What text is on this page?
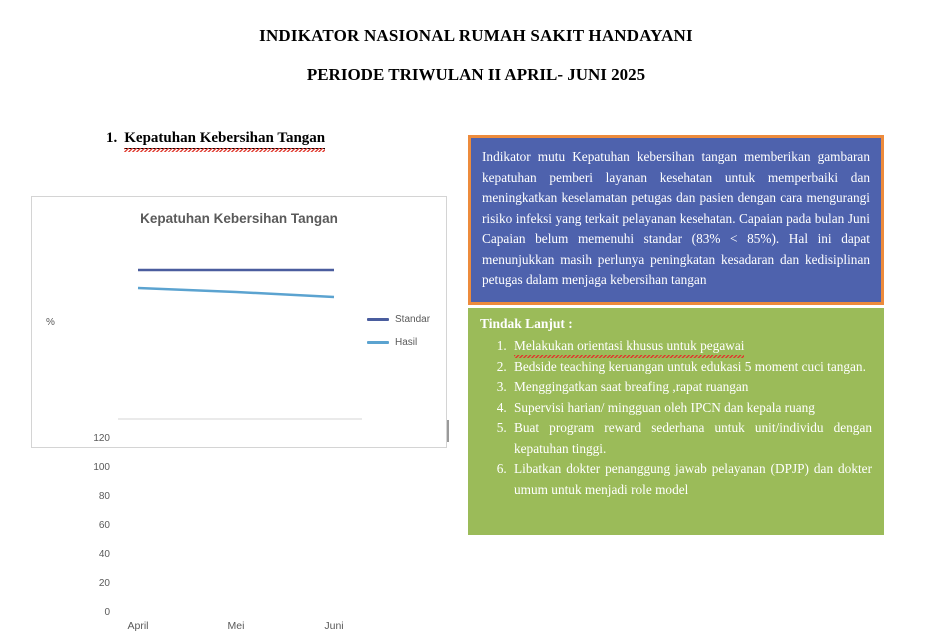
INDIKATOR NASIONAL RUMAH SAKIT HANDAYANI
PERIODE TRIWULAN II APRIL- JUNI 2025
1. Kepatuhan Kebersihan Tangan
Kepatuhan Kebersihan Tangan
%
120
100
80
60
40
20
0
April	Mei	Juni
Standar
Hasil

Indikator mutu Kepatuhan kebersihan tangan memberikan gambaran kepatuhan pemberi layanan kesehatan untuk memperbaiki dan meningkatkan keselamatan petugas dan pasien dengan cara mengurangi risiko infeksi yang terkait pelayanan kesehatan. Capaian pada bulan Juni Capaian belum memenuhi standar (83% < 85%). Hal ini dapat menunjukkan masih perlunya peningkatan kesadaran dan kedisiplinan petugas dalam menjaga kebersihan tangan

Tindak Lanjut :
1. Melakukan orientasi khusus untuk pegawai
2. Bedside teaching keruangan untuk edukasi 5 moment cuci tangan.
3. Menggingatkan saat breafing ,rapat ruangan
4. Supervisi harian/ mingguan oleh IPCN dan kepala ruang
5. Buat program reward sederhana untuk unit/individu dengan kepatuhan tinggi.
6. Libatkan dokter penanggung jawab pelayanan (DPJP) dan dokter umum untuk menjadi role model
